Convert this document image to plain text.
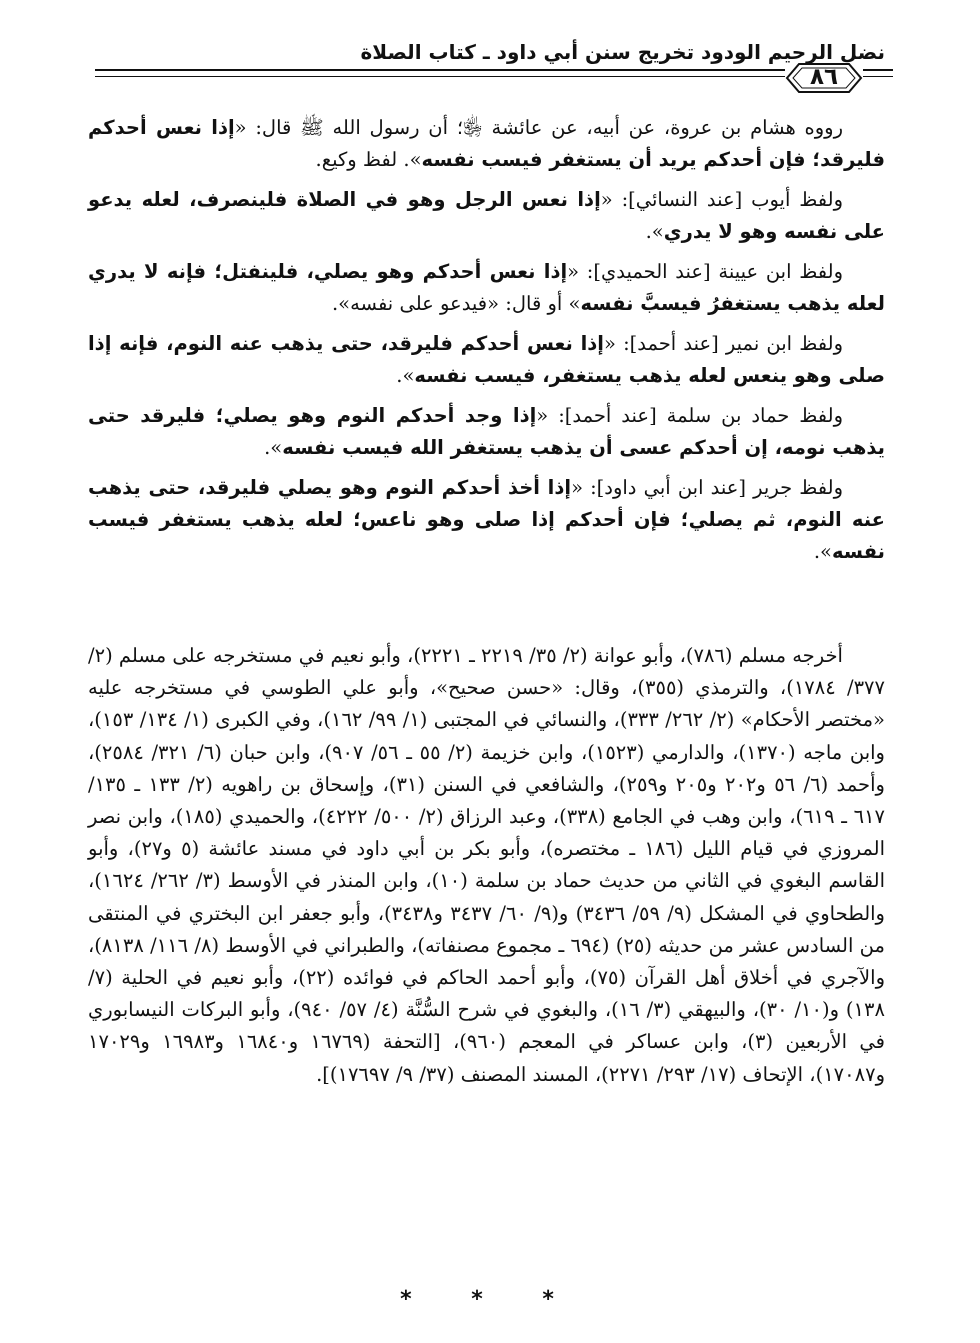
نضل الرحيم الودود تخريج سنن أبي داود ـ كتاب الصلاة
٨٦

رووه هشام بن عروة، عن أبيه، عن عائشة ﵂؛ أن رسول الله ﷺ قال: «إذا نعس أحدكم فليرقد؛ فإن أحدكم يريد أن يستغفر فيسب نفسه». لفظ وكيع.

ولفظ أيوب [عند النسائي]: «إذا نعس الرجل وهو في الصلاة فلينصرف، لعله يدعو على نفسه وهو لا يدري».

ولفظ ابن عيينة [عند الحميدي]: «إذا نعس أحدكم وهو يصلي، فلينفتل؛ فإنه لا يدري لعله يذهب يستغفرُ فيسبَّ نفسه» أو قال: «فيدعو على نفسه».

ولفظ ابن نمير [عند أحمد]: «إذا نعس أحدكم فليرقد، حتى يذهب عنه النوم، فإنه إذا صلى وهو ينعس لعله يذهب يستغفر، فيسب نفسه».

ولفظ حماد بن سلمة [عند أحمد]: «إذا وجد أحدكم النوم وهو يصلي؛ فليرقد حتى يذهب نومه، إن أحدكم عسى أن يذهب يستغفر الله فيسب نفسه».

ولفظ جرير [عند ابن أبي داود]: «إذا أخذ أحدكم النوم وهو يصلي فليرقد، حتى يذهب عنه النوم، ثم يصلي؛ فإن أحدكم إذا صلى وهو ناعس؛ لعله يذهب يستغفر فيسب نفسه».

أخرجه مسلم (٧٨٦)، وأبو عوانة (٢/ ٣٥/ ٢٢١٩ ـ ٢٢٢١)، وأبو نعيم في مستخرجه على مسلم (٢/ ٣٧٧/ ١٧٨٤)، والترمذي (٣٥٥)، وقال: «حسن صحيح»، وأبو علي الطوسي في مستخرجه عليه «مختصر الأحكام» (٢/ ٢٦٢/ ٣٣٣)، والنسائي في المجتبى (١/ ٩٩/ ١٦٢)، وفي الكبرى (١/ ١٣٤/ ١٥٣)، وابن ماجه (١٣٧٠)، والدارمي (١٥٢٣)، وابن خزيمة (٢/ ٥٥ ـ ٥٦/ ٩٠٧)، وابن حبان (٦/ ٣٢١/ ٢٥٨٤)، وأحمد (٦/ ٥٦ و٢٠٢ و٢٠٥ و٢٥٩)، والشافعي في السنن (٣١)، وإسحاق بن راهويه (٢/ ١٣٣ ـ ١٣٥/ ٦١٧ ـ ٦١٩)، وابن وهب في الجامع (٣٣٨)، وعبد الرزاق (٢/ ٥٠٠/ ٤٢٢٢)، والحميدي (١٨٥)، وابن نصر المروزي في قيام الليل (١٨٦ ـ مختصره)، وأبو بكر بن أبي داود في مسند عائشة (٥ و٢٧)، وأبو القاسم البغوي في الثاني من حديث حماد بن سلمة (١٠)، وابن المنذر في الأوسط (٣/ ٢٦٢/ ١٦٢٤)، والطحاوي في المشكل (٩/ ٥٩/ ٣٤٣٦) و(٩/ ٦٠/ ٣٤٣٧ و٣٤٣٨)، وأبو جعفر ابن البختري في المنتقى من السادس عشر من حديثه (٢٥) (٦٩٤ ـ مجموع مصنفاته)، والطبراني في الأوسط (٨/ ١١٦/ ٨١٣٨)، والآجري في أخلاق أهل القرآن (٧٥)، وأبو أحمد الحاكم في فوائده (٢٢)، وأبو نعيم في الحلية (٧/ ١٣٨) و(١٠/ ٣٠)، والبيهقي (٣/ ١٦)، والبغوي في شرح السُّنَّة (٤/ ٥٧/ ٩٤٠)، وأبو البركات النيسابوري في الأربعين (٣)، وابن عساكر في المعجم (٩٦٠)، [التحفة (١٦٧٦٩ و١٦٨٤٠ و١٦٩٨٣ و١٧٠٢٩ و١٧٠٨٧)، الإتحاف (١٧/ ٢٩٣/ ٢٢٧١)، المسند المصنف (٣٧/ ٩/ ١٧٦٩٧)].

* * *
